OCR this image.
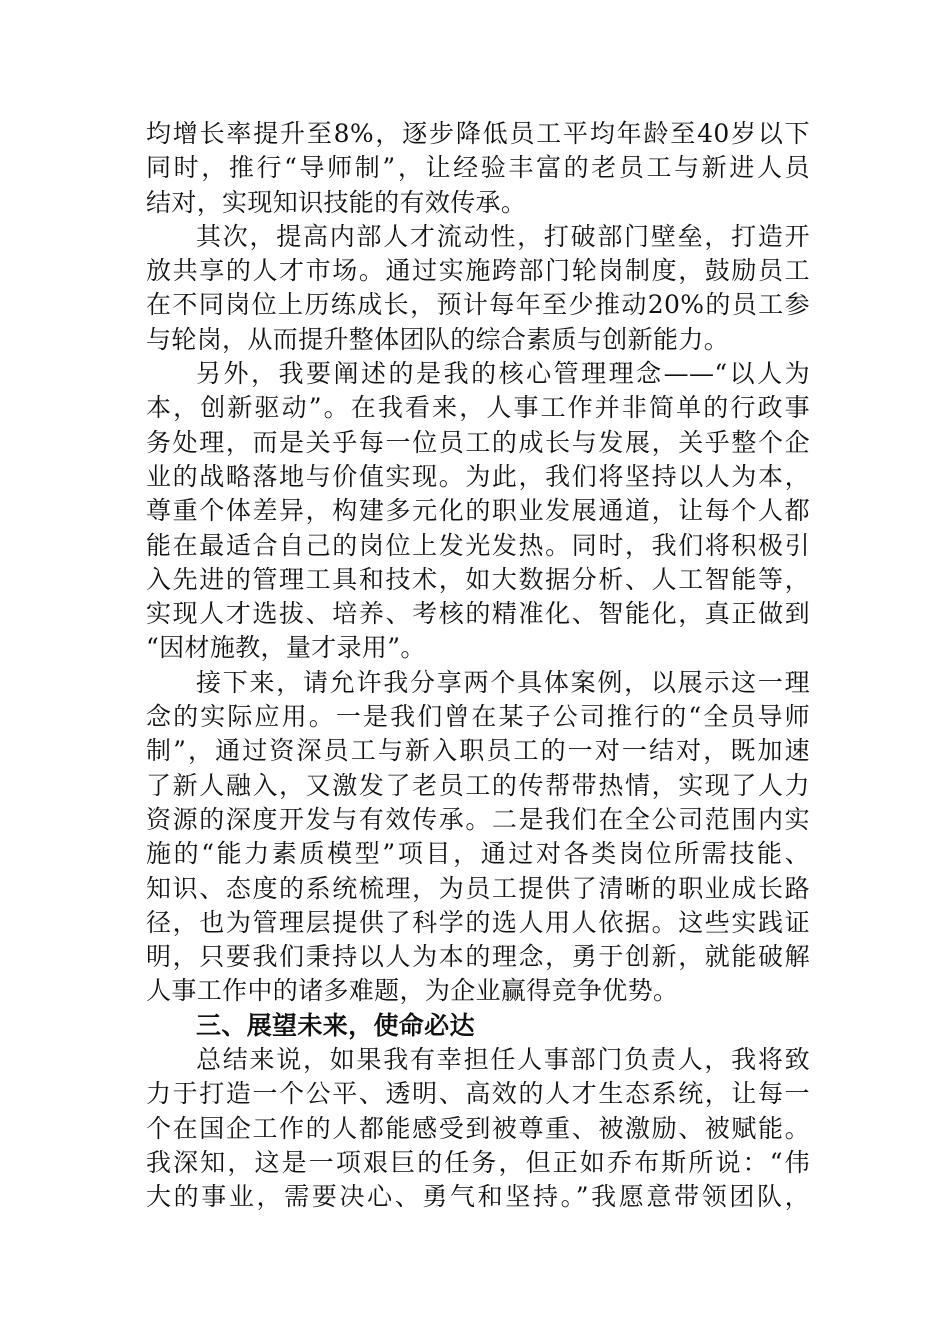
均增长率提升至8%，逐步降低员工平均年龄至40岁以下
同时，推行“导师制”，让经验丰富的老员工与新进人员
结对，实现知识技能的有效传承。
其次，提高内部人才流动性，打破部门壁垒，打造开
放共享的人才市场。通过实施跨部门轮岗制度，鼓励员工
在不同岗位上历练成长，预计每年至少推动20%的员工参
与轮岗，从而提升整体团队的综合素质与创新能力。
另外，我要阐述的是我的核心管理理念——“以人为
本，创新驱动”。在我看来，人事工作并非简单的行政事
务处理，而是关乎每一位员工的成长与发展，关乎整个企
业的战略落地与价值实现。为此，我们将坚持以人为本，
尊重个体差异，构建多元化的职业发展通道，让每个人都
能在最适合自己的岗位上发光发热。同时，我们将积极引
入先进的管理工具和技术，如大数据分析、人工智能等，
实现人才选拔、培养、考核的精准化、智能化，真正做到
“因材施教，量才录用”。
接下来，请允许我分享两个具体案例，以展示这一理
念的实际应用。一是我们曾在某子公司推行的“全员导师
制”，通过资深员工与新入职员工的一对一结对，既加速
了新人融入，又激发了老员工的传帮带热情，实现了人力
资源的深度开发与有效传承。二是我们在全公司范围内实
施的“能力素质模型”项目，通过对各类岗位所需技能、
知识、态度的系统梳理，为员工提供了清晰的职业成长路
径，也为管理层提供了科学的选人用人依据。这些实践证
明，只要我们秉持以人为本的理念，勇于创新，就能破解
人事工作中的诸多难题，为企业赢得竞争优势。
三、展望未来，使命必达
总结来说，如果我有幸担任人事部门负责人，我将致
力于打造一个公平、透明、高效的人才生态系统，让每一
个在国企工作的人都能感受到被尊重、被激励、被赋能。
我深知，这是一项艰巨的任务，但正如乔布斯所说：“伟
大的事业，需要决心、勇气和坚持。”我愿意带领团队，
